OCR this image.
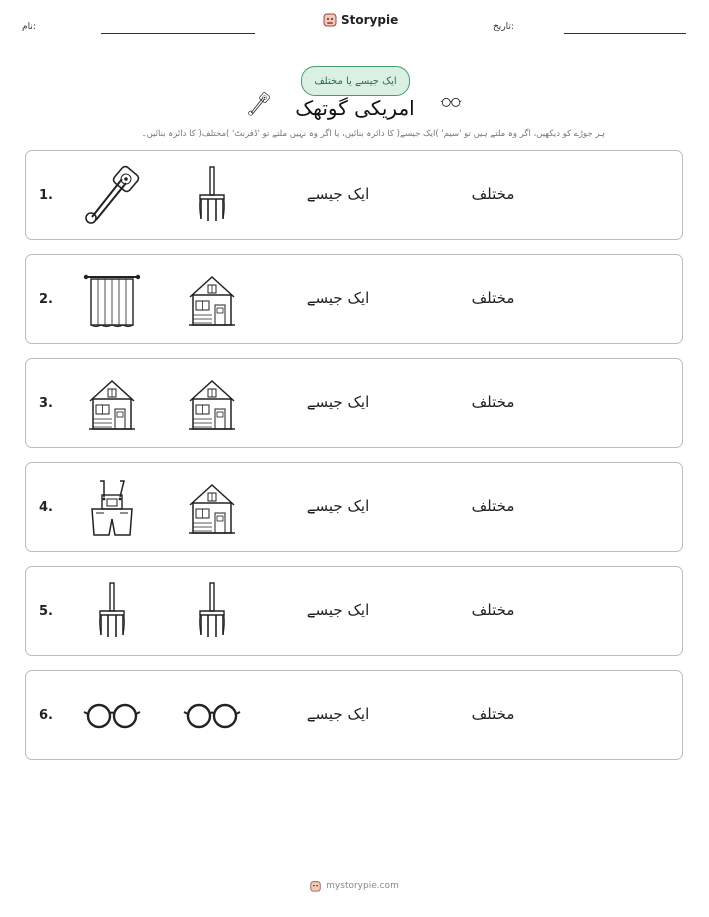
نام:
Storypie
تاریخ:
ایک جیسے یا مختلف
امریکی گوتھک
ہر جوڑے کو دیکھیں، اگر وہ ملتے ہیں تو 'سیم' )ایک جیسے( کا دائرہ بنائیں، یا اگر وہ نہیں ملتے تو 'ڈفرنٹ' )مختلف( کا دائرہ بنائیں۔
1.	ایک جیسے	مختلف
2.	ایک جیسے	مختلف
3.	ایک جیسے	مختلف
4.	ایک جیسے	مختلف
5.	ایک جیسے	مختلف
6.	ایک جیسے	مختلف
mystorypie.com
